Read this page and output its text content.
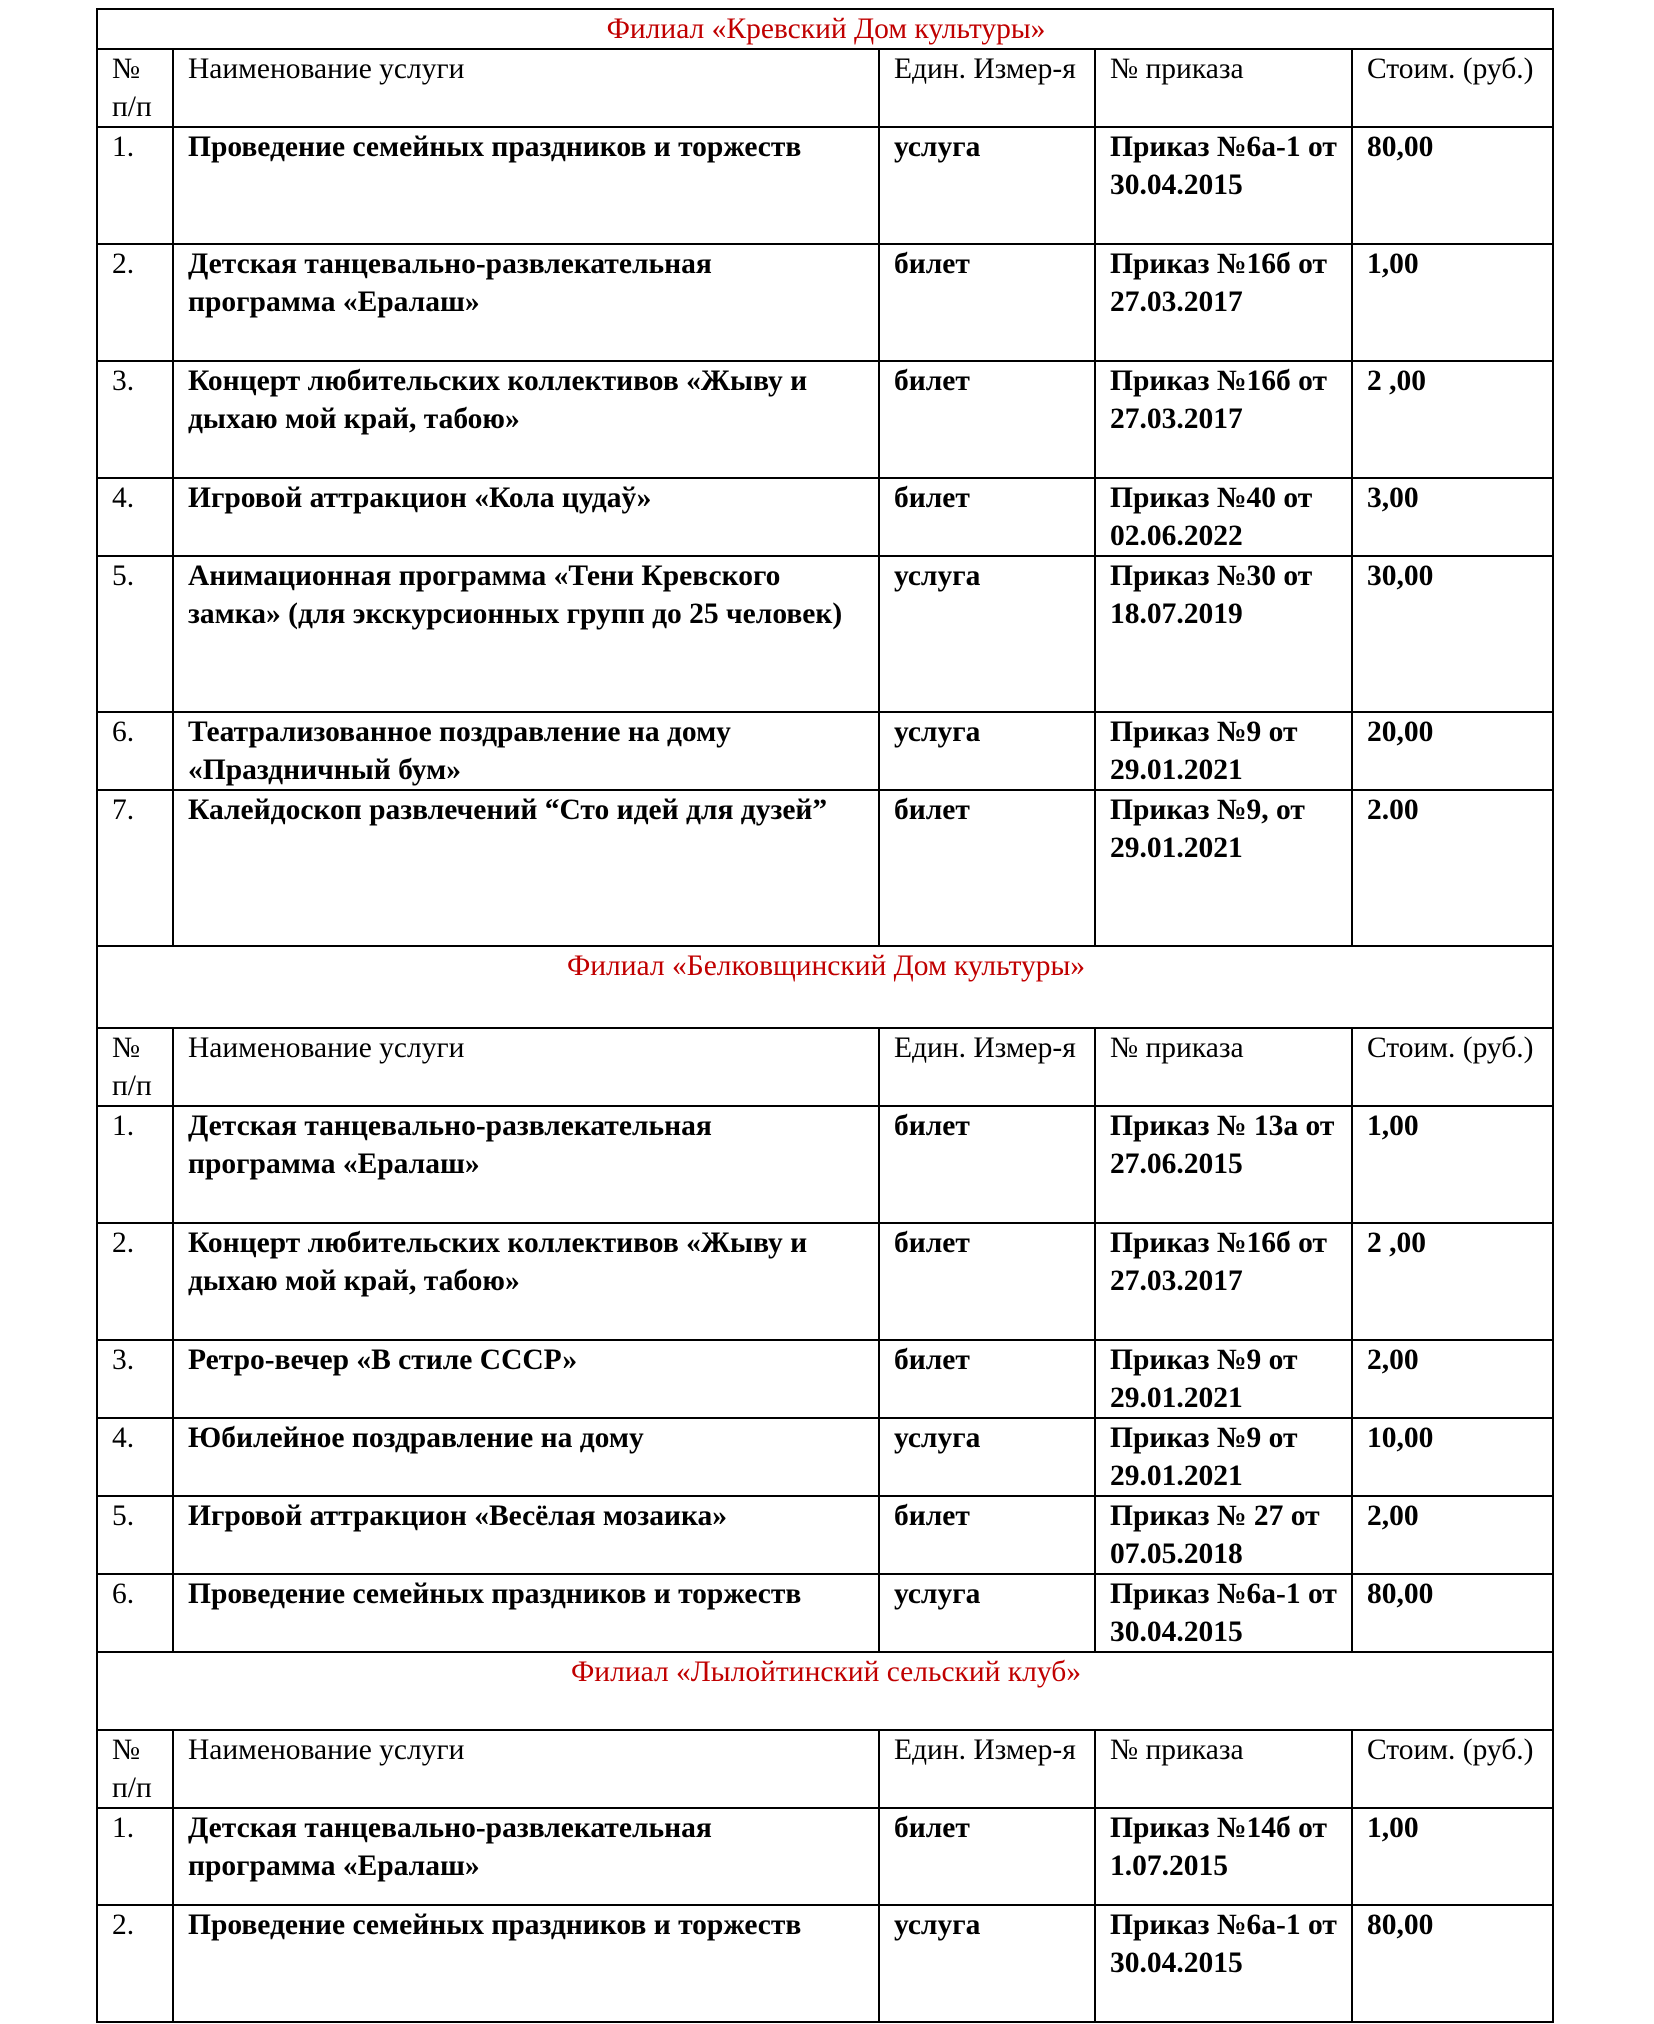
Филиал «Кревский Дом культуры»				
№ п/п	Наименование услуги	Един. Измер-я	№ приказа	Стоим. (руб.)
1.	Проведение семейных праздников и торжеств	услуга	Приказ №6а-1 от 30.04.2015	80,00
2.	Детская танцевально-развлекательная программа «Ералаш»	билет	Приказ №16б от 27.03.2017	1,00
3.	Концерт любительских коллективов «Жыву и дыхаю мой край, табою»	билет	Приказ №16б от 27.03.2017	2 ,00
4.	Игровой аттракцион «Кола цудаў»	билет	Приказ №40 от 02.06.2022	3,00
5.	Анимационная программа «Тени Кревского замка» (для экскурсионных групп до 25 человек)	услуга	Приказ №30 от 18.07.2019	30,00
6.	Театрализованное поздравление на дому «Праздничный бум»	услуга	Приказ №9 от 29.01.2021	20,00
7.	Калейдоскоп развлечений “Сто идей для дузей”	билет	Приказ №9, от 29.01.2021	2.00
Филиал «Белковщинский Дом культуры»				
№ п/п	Наименование услуги	Един. Измер-я	№ приказа	Стоим. (руб.)
1.	Детская танцевально-развлекательная программа «Ералаш»	билет	Приказ № 13а от 27.06.2015	1,00
2.	Концерт любительских коллективов «Жыву и дыхаю мой край, табою»	билет	Приказ №16б от 27.03.2017	2 ,00
3.	Ретро-вечер «В стиле СССР»	билет	Приказ №9 от 29.01.2021	2,00
4.	Юбилейное поздравление на дому	услуга	Приказ №9 от 29.01.2021	10,00
5.	Игровой аттракцион «Весёлая мозаика»	билет	Приказ № 27 от 07.05.2018	2,00
6.	Проведение семейных праздников и торжеств	услуга	Приказ №6а-1 от 30.04.2015	80,00
Филиал «Лылойтинский сельский клуб»				
№ п/п	Наименование услуги	Един. Измер-я	№ приказа	Стоим. (руб.)
1.	Детская танцевально-развлекательная программа «Ералаш»	билет	Приказ №14б от 1.07.2015	1,00
2.	Проведение семейных праздников и торжеств	услуга	Приказ №6а-1 от 30.04.2015	80,00
